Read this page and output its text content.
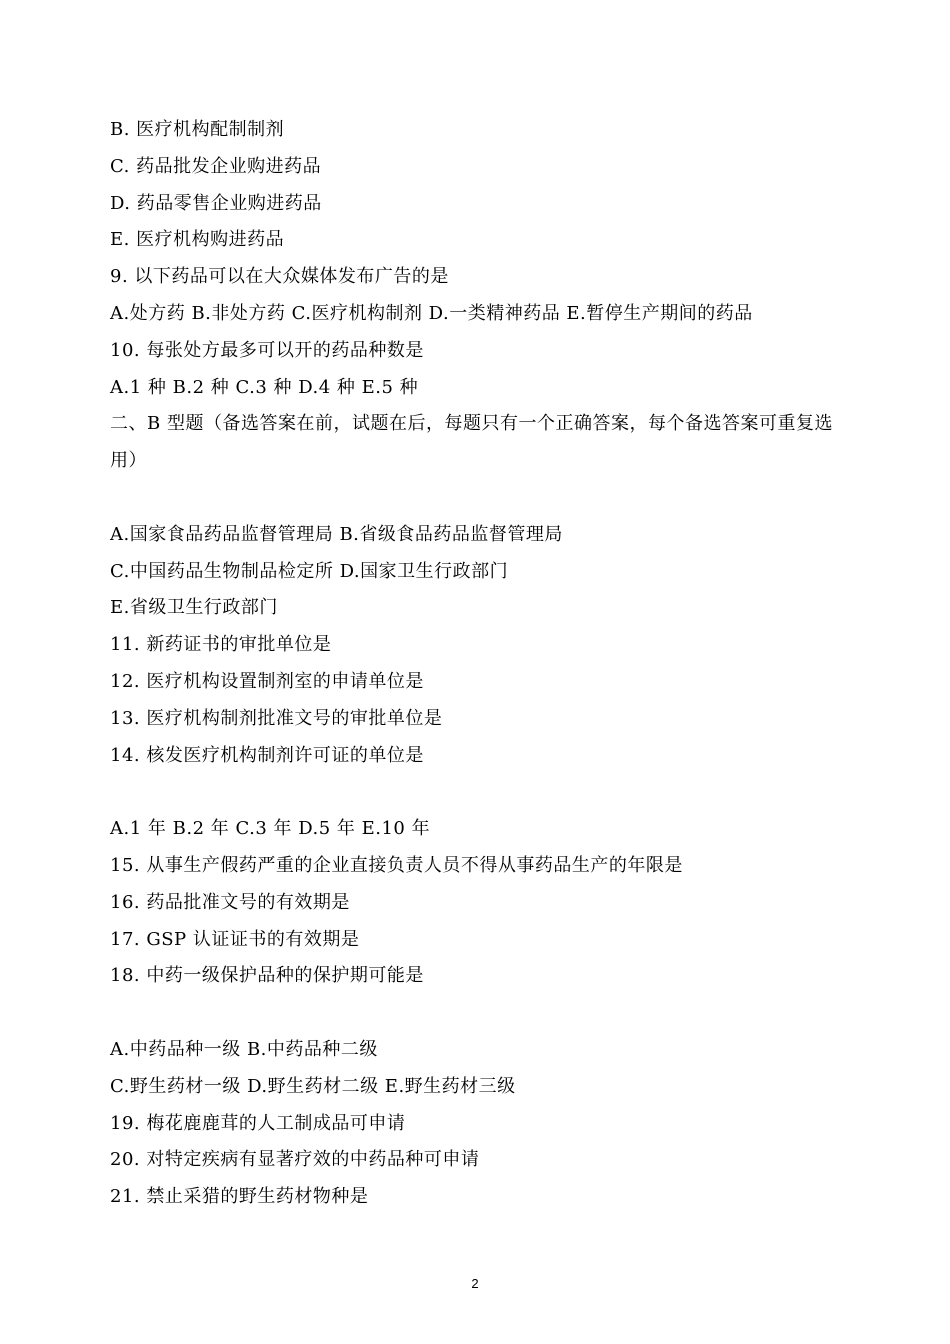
B. 医疗机构配制制剂
C. 药品批发企业购进药品
D. 药品零售企业购进药品
E. 医疗机构购进药品
9. 以下药品可以在大众媒体发布广告的是
A.处方药 B.非处方药 C.医疗机构制剂 D.一类精神药品 E.暂停生产期间的药品
10. 每张处方最多可以开的药品种数是
A.1 种 B.2 种 C.3 种 D.4 种 E.5 种
二、B 型题（备选答案在前，试题在后，每题只有一个正确答案，每个备选答案可重复选用）
A.国家食品药品监督管理局 B.省级食品药品监督管理局
C.中国药品生物制品检定所 D.国家卫生行政部门
E.省级卫生行政部门
11. 新药证书的审批单位是
12. 医疗机构设置制剂室的申请单位是
13. 医疗机构制剂批准文号的审批单位是
14. 核发医疗机构制剂许可证的单位是
A.1 年 B.2 年 C.3 年 D.5 年 E.10 年
15. 从事生产假药严重的企业直接负责人员不得从事药品生产的年限是
16. 药品批准文号的有效期是
17. GSP 认证证书的有效期是
18. 中药一级保护品种的保护期可能是
A.中药品种一级 B.中药品种二级
C.野生药材一级 D.野生药材二级 E.野生药材三级
19. 梅花鹿鹿茸的人工制成品可申请
20. 对特定疾病有显著疗效的中药品种可申请
21. 禁止采猎的野生药材物种是
2
